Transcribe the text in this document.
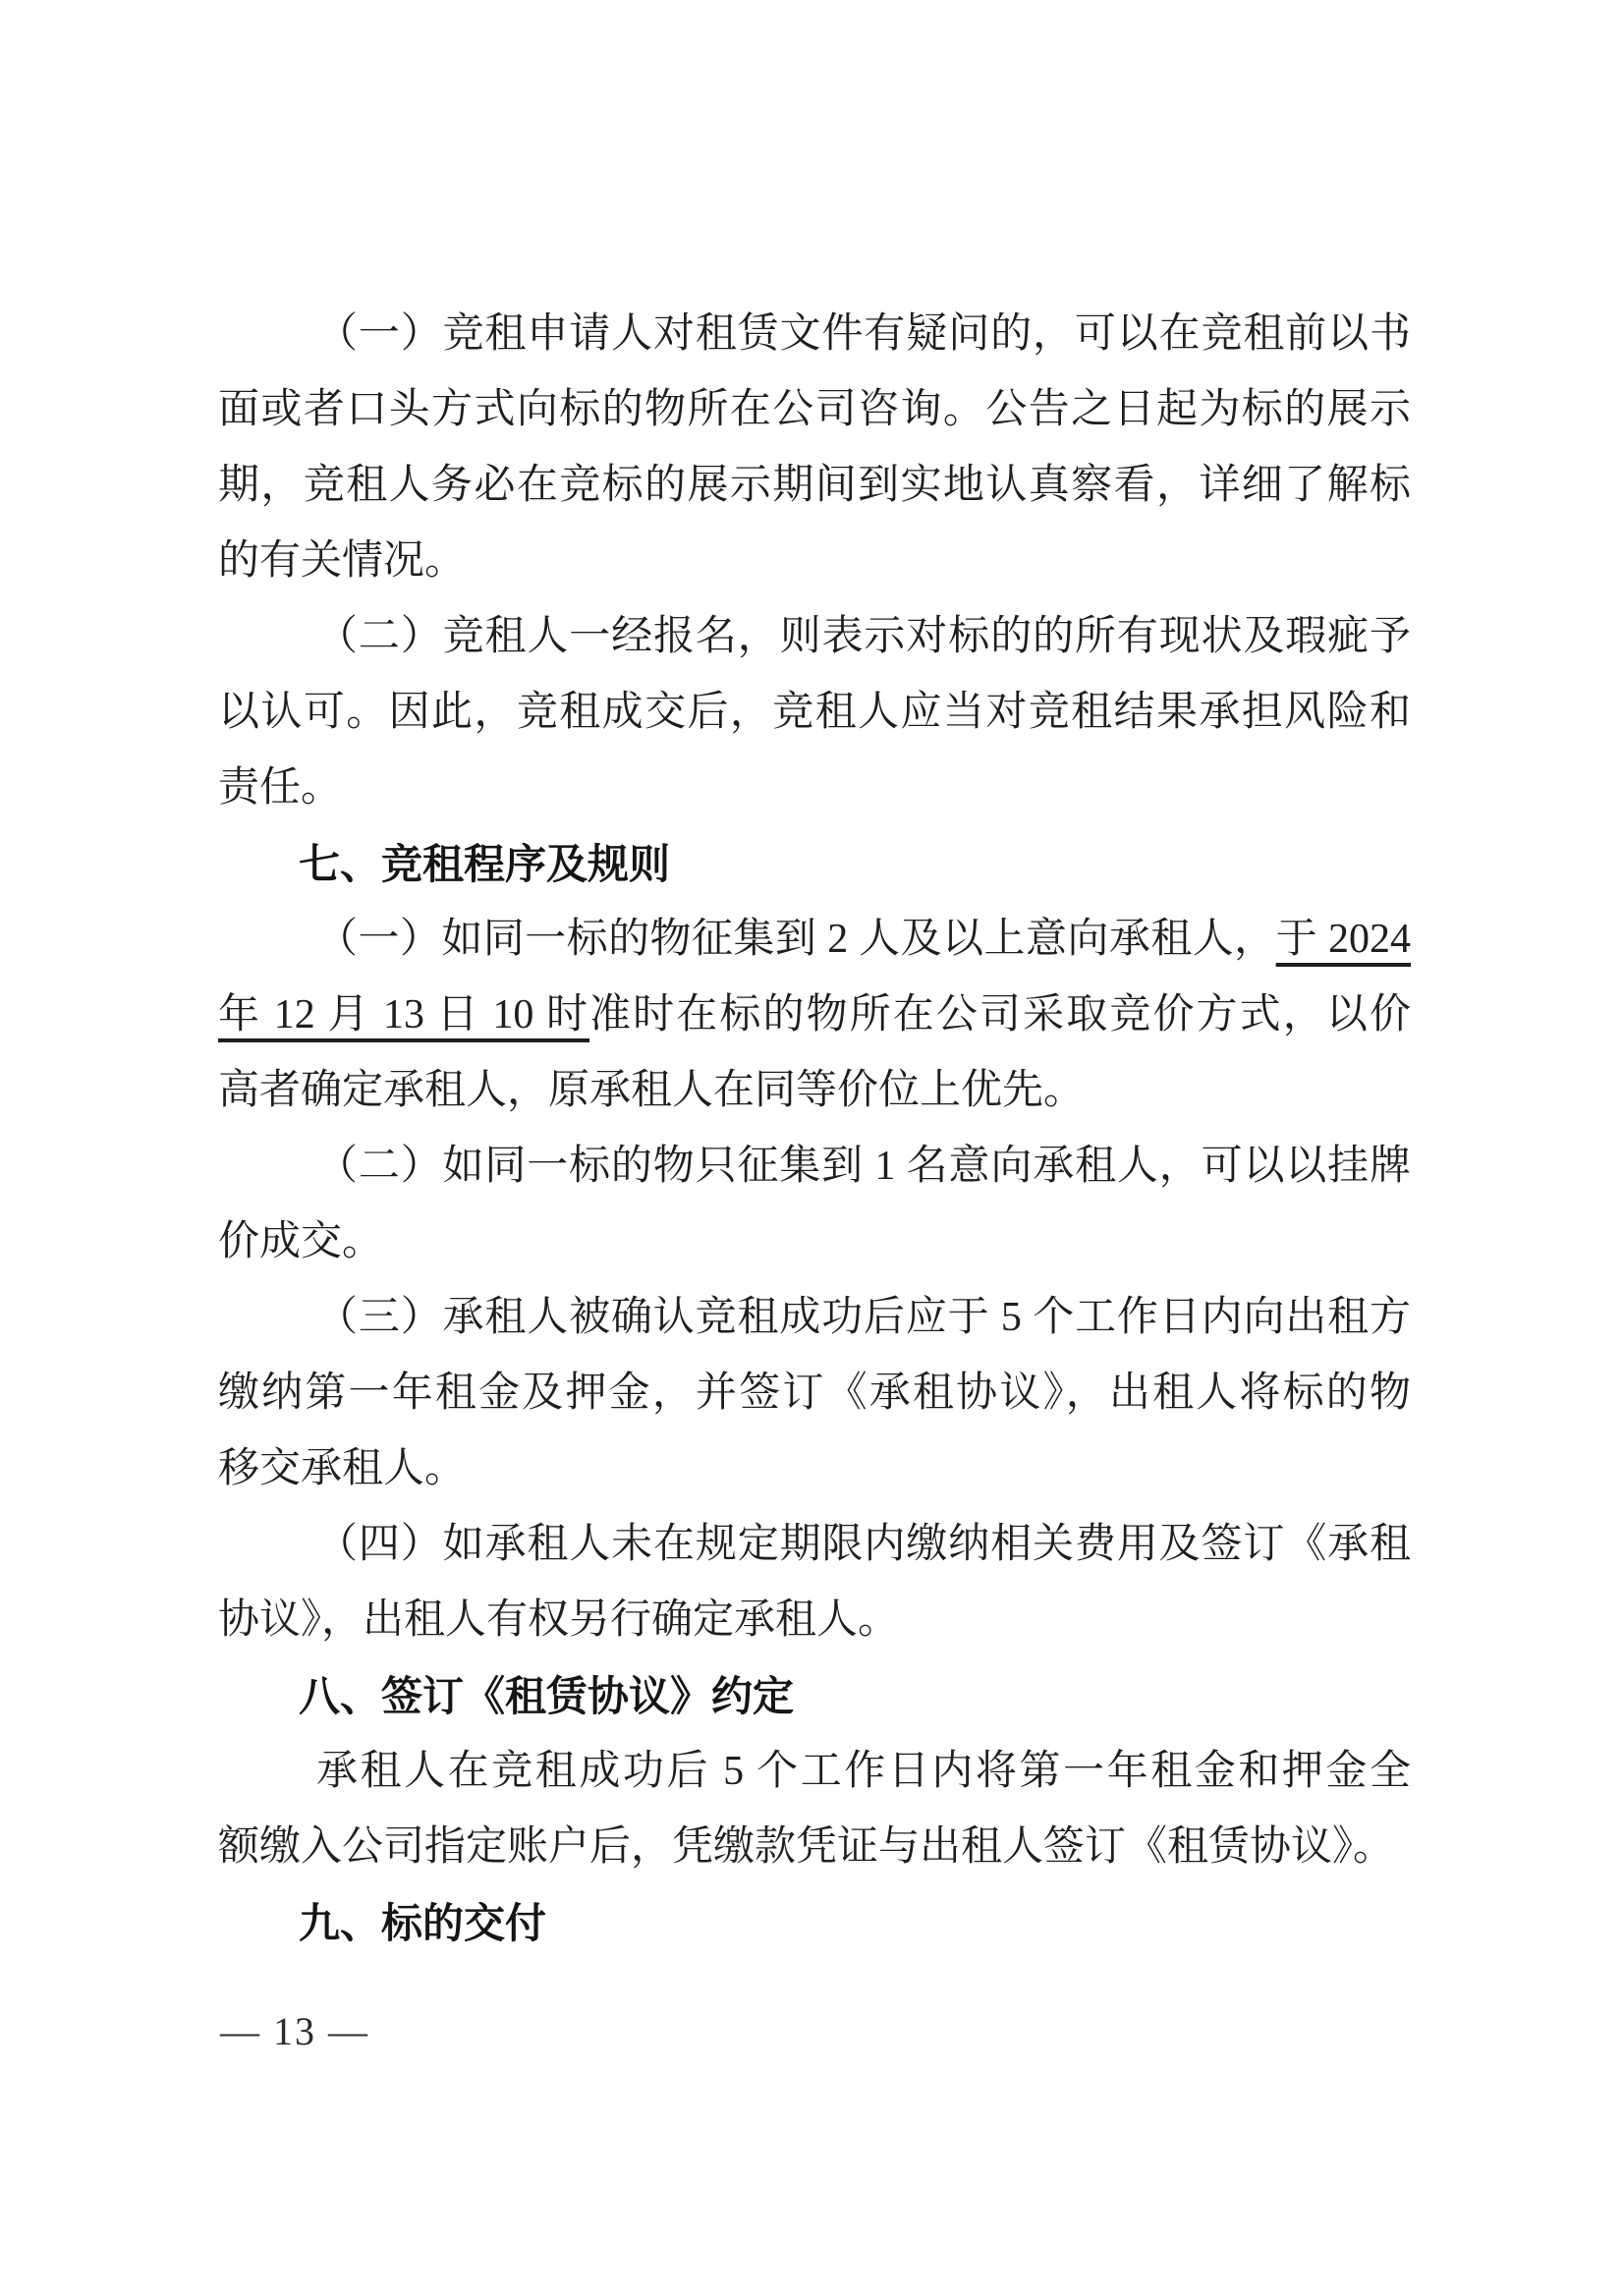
（一）竞租申请人对租赁文件有疑问的，可以在竞租前以书
面或者口头方式向标的物所在公司咨询。公告之日起为标的展示
期，竞租人务必在竞标的展示期间到实地认真察看，详细了解标
的有关情况。
（二）竞租人一经报名，则表示对标的的所有现状及瑕疵予
以认可。因此，竞租成交后，竞租人应当对竞租结果承担风险和
责任。
七、竞租程序及规则
（一）如同一标的物征集到 2 人及以上意向承租人，于 2024
年 12 月 13 日 10 时准时在标的物所在公司采取竞价方式，以价
高者确定承租人，原承租人在同等价位上优先。
（二）如同一标的物只征集到 1 名意向承租人，可以以挂牌
价成交。
（三）承租人被确认竞租成功后应于 5 个工作日内向出租方
缴纳第一年租金及押金，并签订《承租协议》，出租人将标的物
移交承租人。
（四）如承租人未在规定期限内缴纳相关费用及签订《承租
协议》，出租人有权另行确定承租人。
八、签订《租赁协议》约定
承租人在竞租成功后 5 个工作日内将第一年租金和押金全
额缴入公司指定账户后，凭缴款凭证与出租人签订《租赁协议》。
九、标的交付
— 13 —
